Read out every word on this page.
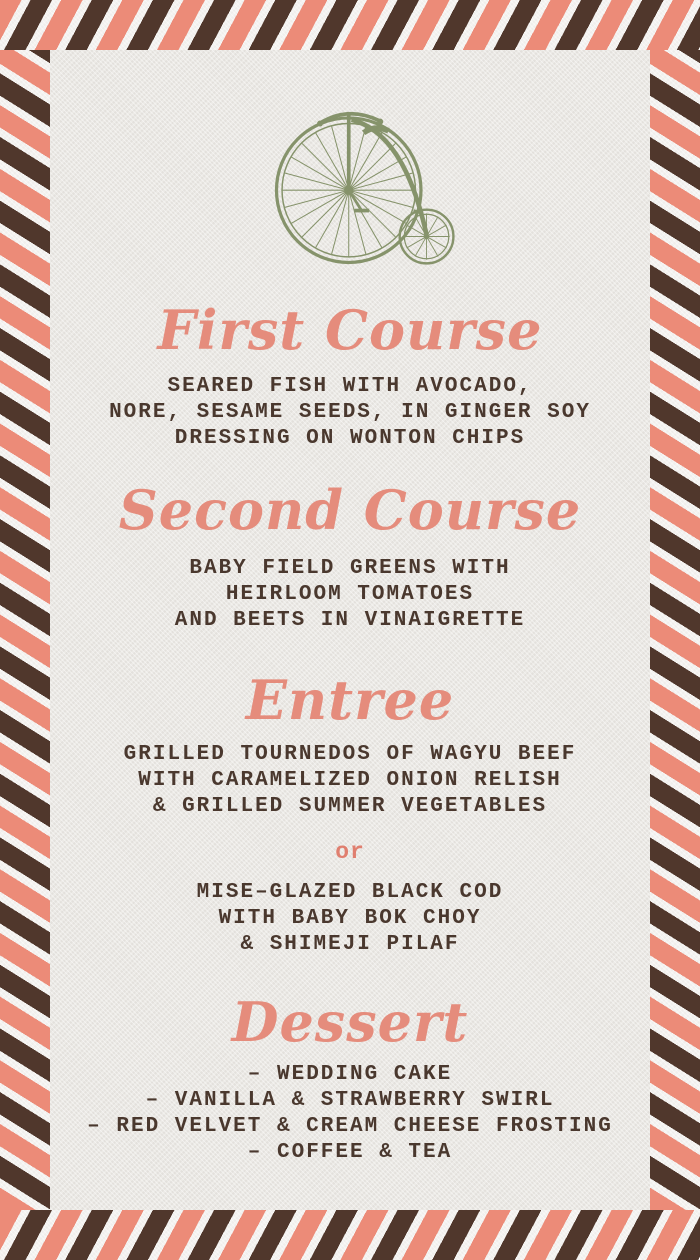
First Course
SEARED FISH WITH AVOCADO,
NORE, SESAME SEEDS, IN GINGER SOY
DRESSING ON WONTON CHIPS
Second Course
BABY FIELD GREENS WITH
HEIRLOOM TOMATOES
AND BEETS IN VINAIGRETTE
Entree
GRILLED TOURNEDOS OF WAGYU BEEF
WITH CARAMELIZED ONION RELISH
& GRILLED SUMMER VEGETABLES
or
MISE–GLAZED BLACK COD
WITH BABY BOK CHOY
& SHIMEJI PILAF
Dessert
– WEDDING CAKE
– VANILLA & STRAWBERRY SWIRL
– RED VELVET & CREAM CHEESE FROSTING
– COFFEE & TEA
